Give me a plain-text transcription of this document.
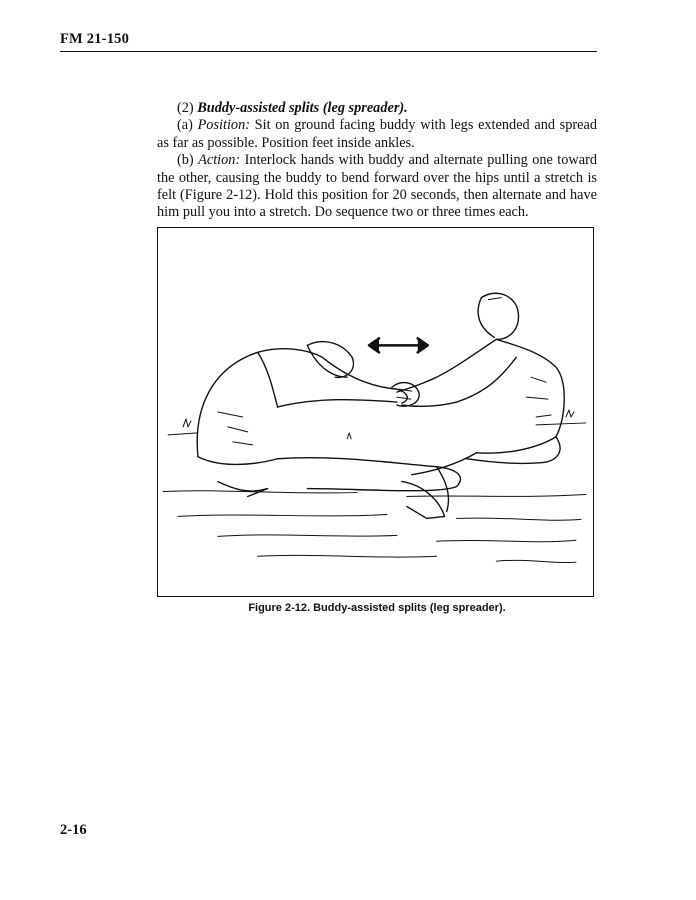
FM 21-150

(2) Buddy-assisted splits (leg spreader).

(a) Position: Sit on ground facing buddy with legs extended and spread as far as possible. Position feet inside ankles.

(b) Action: Interlock hands with buddy and alternate pulling one toward the other, causing the buddy to bend forward over the hips until a stretch is felt (Figure 2-12). Hold this position for 20 seconds, then alternate and have him pull you into a stretch. Do sequence two or three times each.

Figure 2-12. Buddy-assisted splits (leg spreader).
2-16
